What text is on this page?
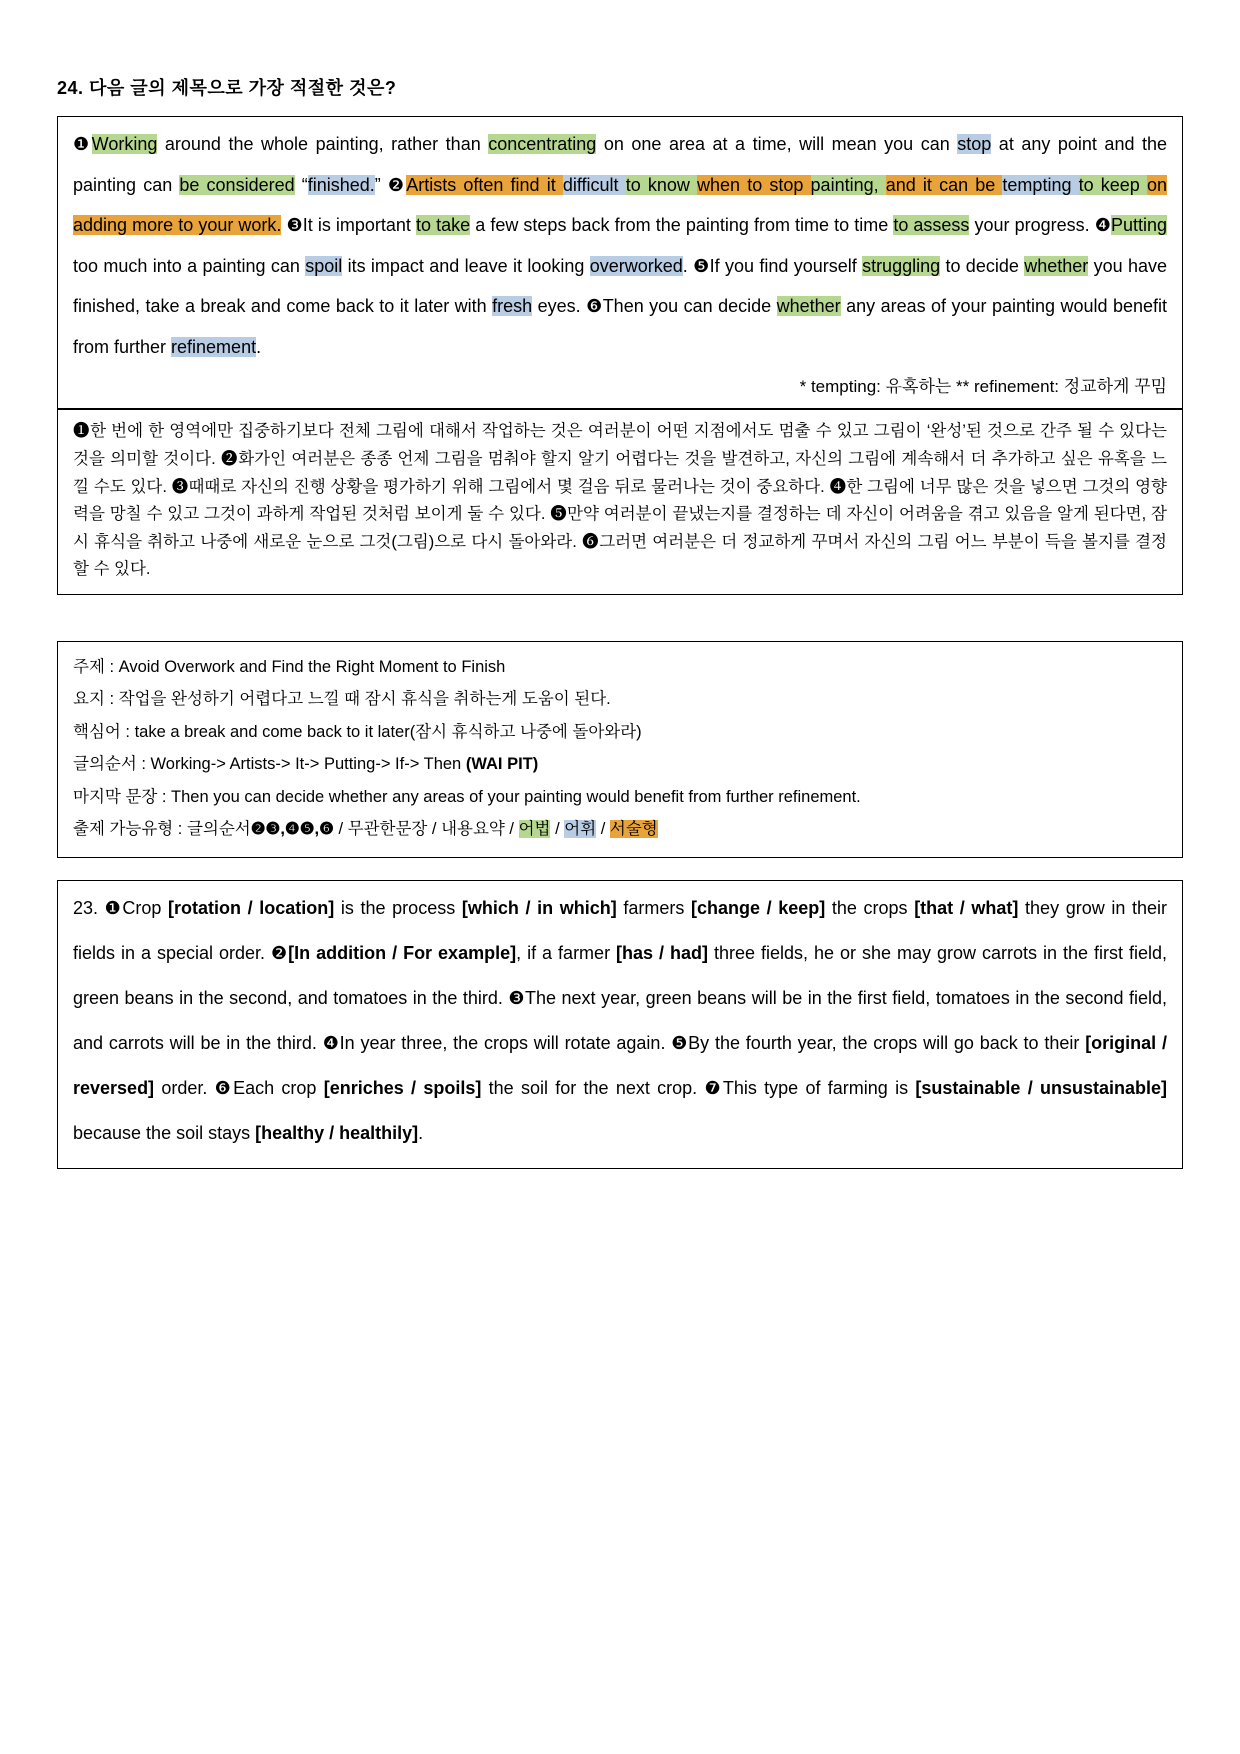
24. 다음 글의 제목으로 가장 적절한 것은?
❶Working around the whole painting, rather than concentrating on one area at a time, will mean you can stop at any point and the painting can be considered “finished.” ❷Artists often find it difficult to know when to stop painting, and it can be tempting to keep on adding more to your work. ❸It is important to take a few steps back from the painting from time to time to assess your progress. ❹Putting too much into a painting can spoil its impact and leave it looking overworked. ❺If you find yourself struggling to decide whether you have finished, take a break and come back to it later with fresh eyes. ❻Then you can decide whether any areas of your painting would benefit from further refinement.
* tempting: 유혹하는 ** refinement: 정교하게 꾸밈
❶한 번에 한 영역에만 집중하기보다 전체 그림에 대해서 작업하는 것은 여러분이 어떤 지점에서도 멈출 수 있고 그림이 ‘완성’된 것으로 간주 될 수 있다는 것을 의미할 것이다. ❷화가인 여러분은 종종 언제 그림을 멈춰야 할지 알기 어렵다는 것을 발견하고, 자신의 그림에 계속해서 더 추가하고 싶은 유혹을 느낄 수도 있다. ❸때때로 자신의 진행 상황을 평가하기 위해 그림에서 몇 걸음 뒤로 물러나는 것이 중요하다. ❹한 그림에 너무 많은 것을 넣으면 그것의 영향력을 망칠 수 있고 그것이 과하게 작업된 것처럼 보이게 둘 수 있다. ❺만약 여러분이 끝냈는지를 결정하는 데 자신이 어려움을 겪고 있음을 알게 된다면, 잠시 휴식을 취하고 나중에 새로운 눈으로 그것(그림)으로 다시 돌아와라. ❻그러면 여러분은 더 정교하게 꾸며서 자신의 그림 어느 부분이 득을 볼지를 결정할 수 있다.
주제 : Avoid Overwork and Find the Right Moment to Finish
요지 : 작업을 완성하기 어렵다고 느낄 때 잠시 휴식을 취하는게 도움이 된다.
핵심어 : take a break and come back to it later(잠시 휴식하고 나중에 돌아와라)
글의순서 : Working-> Artists-> It-> Putting-> If-> Then (WAI PIT)
마지막 문장 : Then you can decide whether any areas of your painting would benefit from further refinement.
출제 가능유형 : 글의순서❷❸,❹❺,❻ / 무관한문장 / 내용요약 / 어법 / 어휘 / 서술형
23. ❶Crop [rotation / location] is the process [which / in which] farmers [change / keep] the crops [that / what] they grow in their fields in a special order. ❷[In addition / For example], if a farmer [has / had] three fields, he or she may grow carrots in the first field, green beans in the second, and tomatoes in the third. ❸The next year, green beans will be in the first field, tomatoes in the second field, and carrots will be in the third. ❹In year three, the crops will rotate again. ❺By the fourth year, the crops will go back to their [original / reversed] order. ❻Each crop [enriches / spoils] the soil for the next crop. ❼This type of farming is [sustainable / unsustainable] because the soil stays [healthy / healthily].
